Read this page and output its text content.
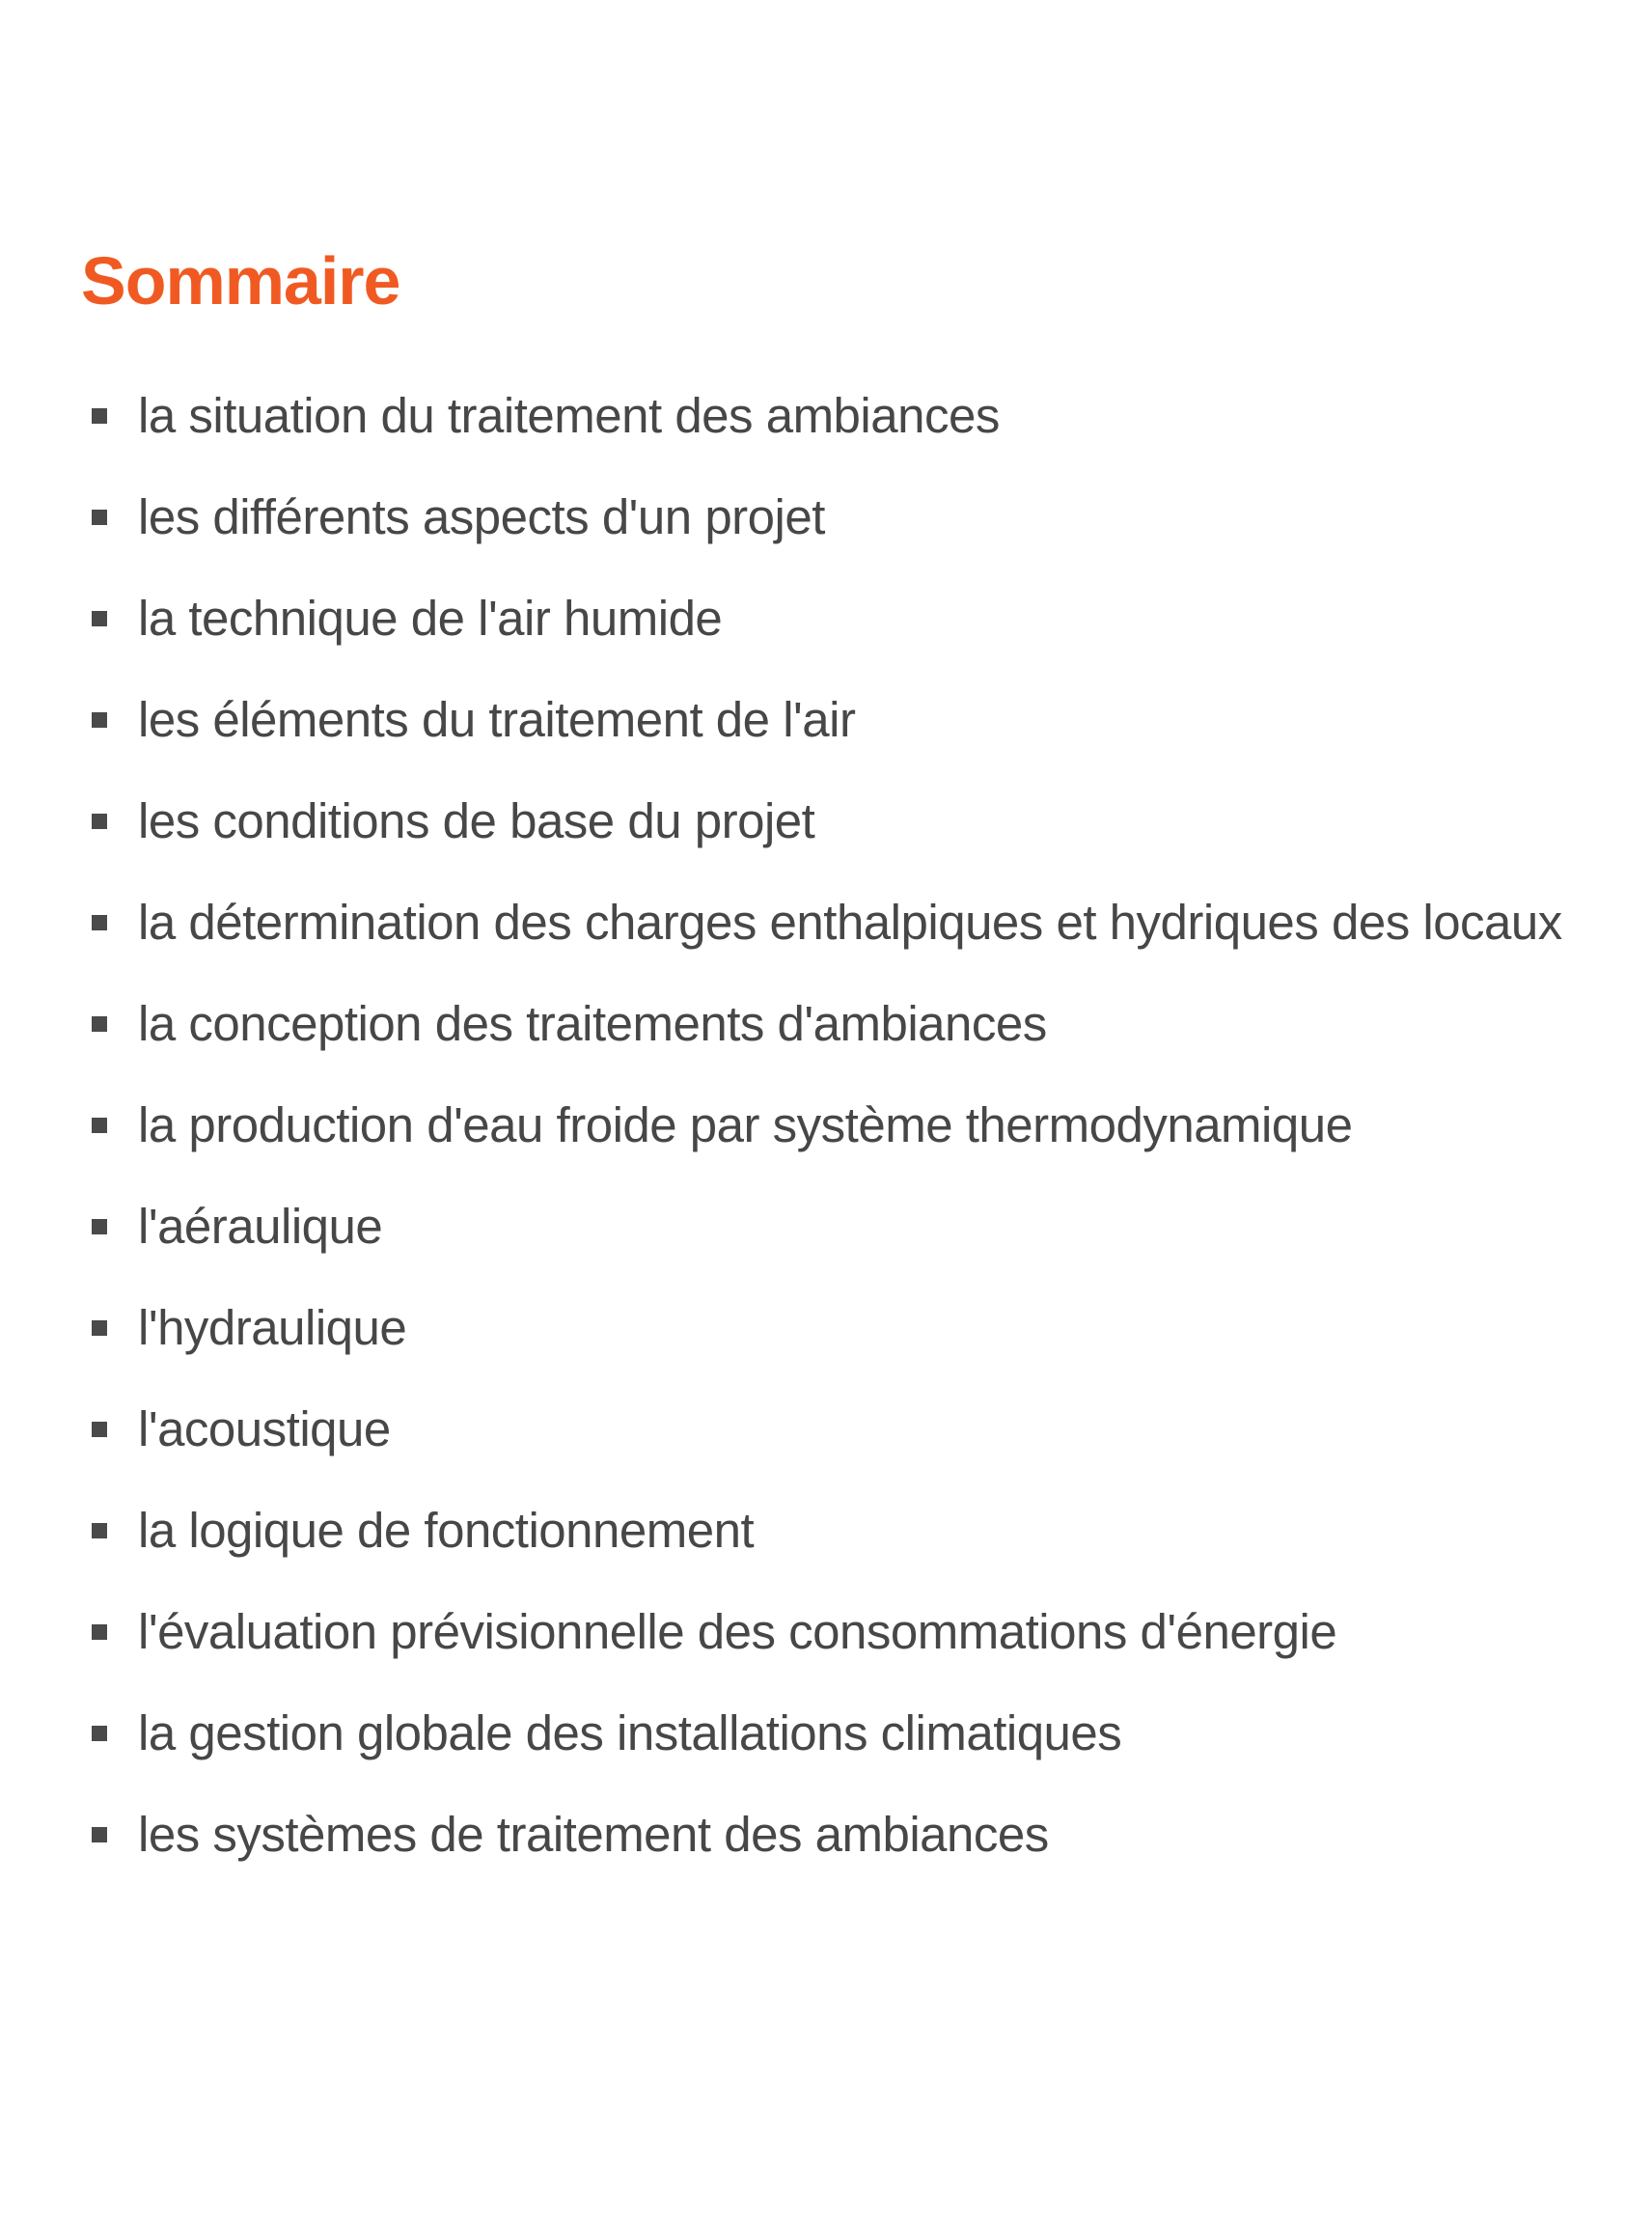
Sommaire
la situation du traitement des ambiances
les différents aspects d'un projet
la technique de l'air humide
les éléments du traitement de l'air
les conditions de base du projet
la détermination des charges enthalpiques et hydriques des locaux
la conception des traitements d'ambiances
la production d'eau froide par système thermodynamique
l'aéraulique
l'hydraulique
l'acoustique
la logique de fonctionnement
l'évaluation prévisionnelle des consommations d'énergie
la gestion globale des installations climatiques
les systèmes de traitement des ambiances
